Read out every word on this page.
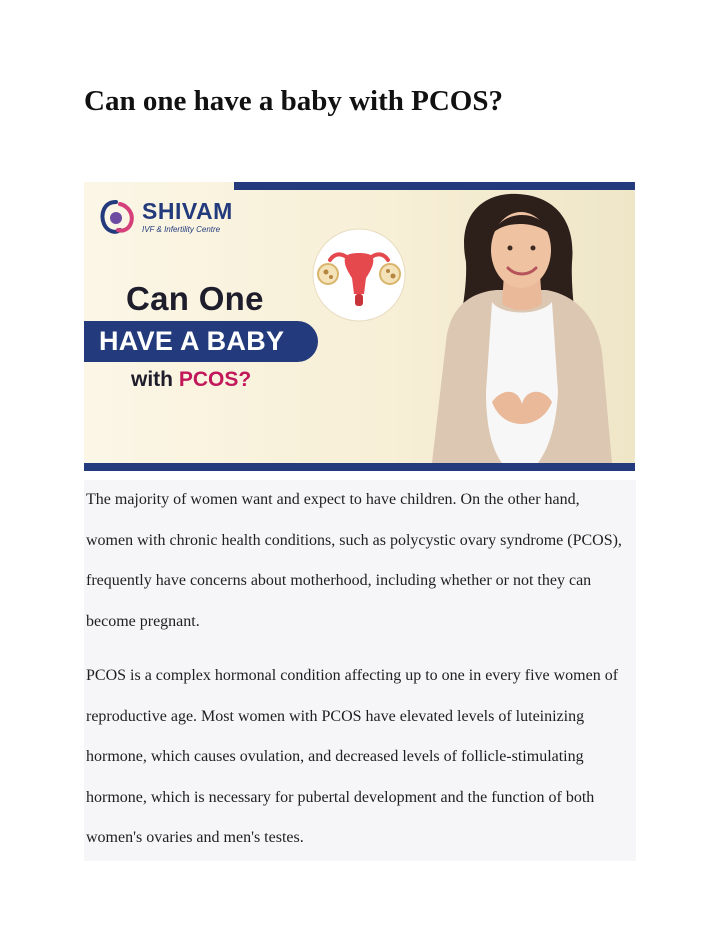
Can one have a baby with PCOS?
SHIVAM
IVF & Infertility Centre
Can One
HAVE A BABY
with PCOS?

The majority of women want and expect to have children. On the other hand, women with chronic health conditions, such as polycystic ovary syndrome (PCOS), frequently have concerns about motherhood, including whether or not they can become pregnant.

PCOS is a complex hormonal condition affecting up to one in every five women of reproductive age. Most women with PCOS have elevated levels of luteinizing hormone, which causes ovulation, and decreased levels of follicle-stimulating hormone, which is necessary for pubertal development and the function of both women's ovaries and men's testes.
